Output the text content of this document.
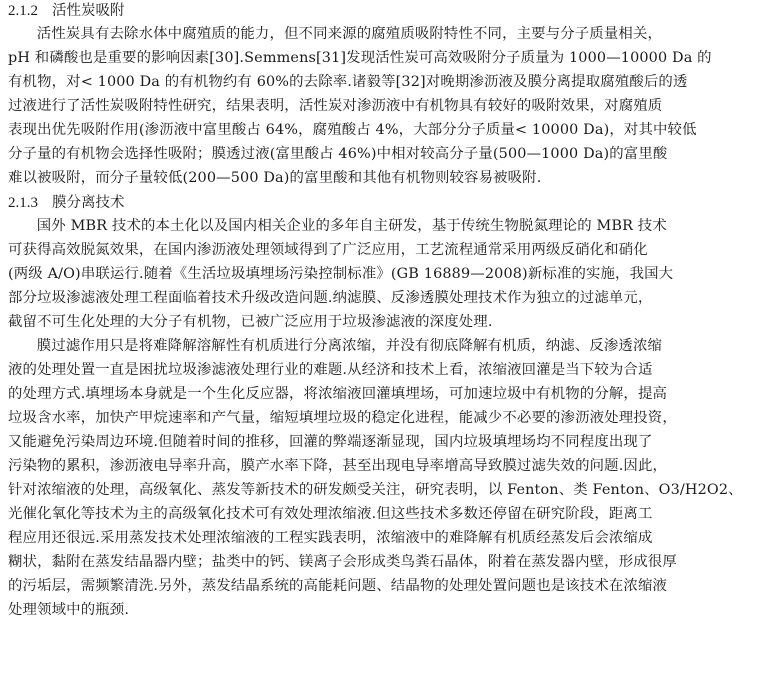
2.1.2 活性炭吸附
活性炭具有去除水体中腐殖质的能力，但不同来源的腐殖质吸附特性不同，主要与分子质量相关，
pH 和磷酸也是重要的影响因素[30].Semmens[31]发现活性炭可高效吸附分子质量为 1000—10000 Da 的
有机物，对< 1000 Da 的有机物约有 60%的去除率.诸毅等[32]对晚期渗沥液及膜分离提取腐殖酸后的透
过液进行了活性炭吸附特性研究，结果表明，活性炭对渗沥液中有机物具有较好的吸附效果，对腐殖质
表现出优先吸附作用(渗沥液中富里酸占 64%，腐殖酸占 4%，大部分分子质量< 10000 Da)，对其中较低
分子量的有机物会选择性吸附；膜透过液(富里酸占 46%)中相对较高分子量(500—1000 Da)的富里酸
难以被吸附，而分子量较低(200—500 Da)的富里酸和其他有机物则较容易被吸附.
2.1.3 膜分离技术
国外 MBR 技术的本土化以及国内相关企业的多年自主研发，基于传统生物脱氮理论的 MBR 技术
可获得高效脱氮效果，在国内渗沥液处理领域得到了广泛应用，工艺流程通常采用两级反硝化和硝化
(两级 A/O)串联运行.随着《生活垃圾填埋场污染控制标准》(GB 16889—2008)新标准的实施，我国大
部分垃圾渗滤液处理工程面临着技术升级改造问题.纳滤膜、反渗透膜处理技术作为独立的过滤单元，
截留不可生化处理的大分子有机物，已被广泛应用于垃圾渗滤液的深度处理.
膜过滤作用只是将难降解溶解性有机质进行分离浓缩，并没有彻底降解有机质，纳滤、反渗透浓缩
液的处理处置一直是困扰垃圾渗滤液处理行业的难题.从经济和技术上看，浓缩液回灌是当下较为合适
的处理方式.填埋场本身就是一个生化反应器，将浓缩液回灌填埋场，可加速垃圾中有机物的分解，提高
垃圾含水率，加快产甲烷速率和产气量，缩短填埋垃圾的稳定化进程，能减少不必要的渗沥液处理投资，
又能避免污染周边环境.但随着时间的推移，回灌的弊端逐渐显现，国内垃圾填埋场均不同程度出现了
污染物的累积，渗沥液电导率升高，膜产水率下降，甚至出现电导率增高导致膜过滤失效的问题.因此，
针对浓缩液的处理，高级氧化、蒸发等新技术的研发颇受关注，研究表明，以 Fenton、类 Fenton、O3/H2O2、
光催化氧化等技术为主的高级氧化技术可有效处理浓缩液.但这些技术多数还停留在研究阶段，距离工
程应用还很远.采用蒸发技术处理浓缩液的工程实践表明，浓缩液中的难降解有机质经蒸发后会浓缩成
糊状，黏附在蒸发结晶器内壁；盐类中的钙、镁离子会形成类鸟粪石晶体，附着在蒸发器内壁，形成很厚
的污垢层，需频繁清洗.另外，蒸发结晶系统的高能耗问题、结晶物的处理处置问题也是该技术在浓缩液
处理领域中的瓶颈.
